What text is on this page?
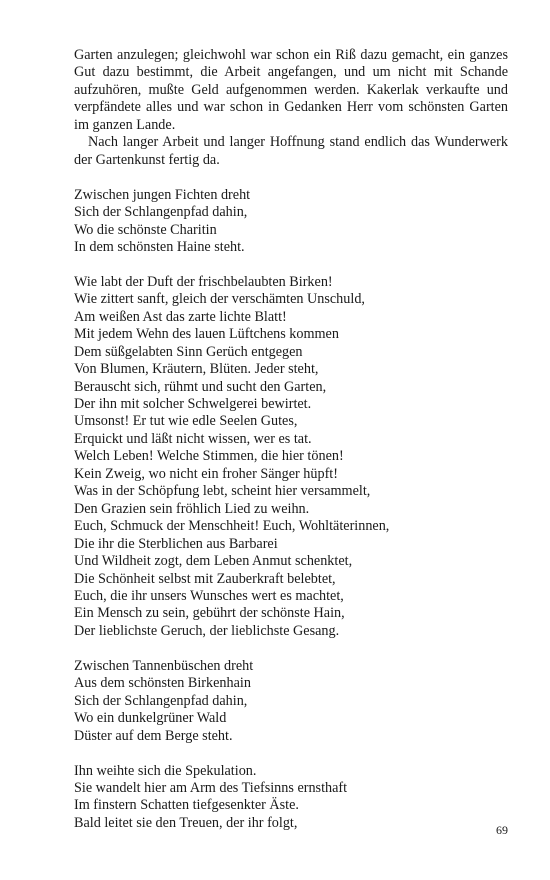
Garten anzulegen; gleichwohl war schon ein Riß dazu gemacht, ein ganzes Gut dazu bestimmt, die Arbeit angefangen, und um nicht mit Schande aufzuhören, mußte Geld aufgenommen werden. Kakerlak verkaufte und verpfändete alles und war schon in Gedanken Herr vom schönsten Garten im ganzen Lande.

Nach langer Arbeit und langer Hoffnung stand endlich das Wunderwerk der Gartenkunst fertig da.

Zwischen jungen Fichten dreht
Sich der Schlangenpfad dahin,
Wo die schönste Charitin
In dem schönsten Haine steht.
Wie labt der Duft der frischbelaubten Birken!
Wie zittert sanft, gleich der verschämten Unschuld,
Am weißen Ast das zarte lichte Blatt!
Mit jedem Wehn des lauen Lüftchens kommen
Dem süßgelabten Sinn Gerüch entgegen
Von Blumen, Kräutern, Blüten. Jeder steht,
Berauscht sich, rühmt und sucht den Garten,
Der ihn mit solcher Schwelgerei bewirtet.
Umsonst! Er tut wie edle Seelen Gutes,
Erquickt und läßt nicht wissen, wer es tat.
Welch Leben! Welche Stimmen, die hier tönen!
Kein Zweig, wo nicht ein froher Sänger hüpft!
Was in der Schöpfung lebt, scheint hier versammelt,
Den Grazien sein fröhlich Lied zu weihn.
Euch, Schmuck der Menschheit! Euch, Wohltäterinnen,
Die ihr die Sterblichen aus Barbarei
Und Wildheit zogt, dem Leben Anmut schenktet,
Die Schönheit selbst mit Zauberkraft belebtet,
Euch, die ihr unsers Wunsches wert es machtet,
Ein Mensch zu sein, gebührt der schönste Hain,
Der lieblichste Geruch, der lieblichste Gesang.
Zwischen Tannenbüschen dreht
Aus dem schönsten Birkenhain
Sich der Schlangenpfad dahin,
Wo ein dunkelgrüner Wald
Düster auf dem Berge steht.
Ihn weihte sich die Spekulation.
Sie wandelt hier am Arm des Tiefsinns ernsthaft
Im finstern Schatten tiefgesenkter Äste.
Bald leitet sie den Treuen, der ihr folgt,	69
